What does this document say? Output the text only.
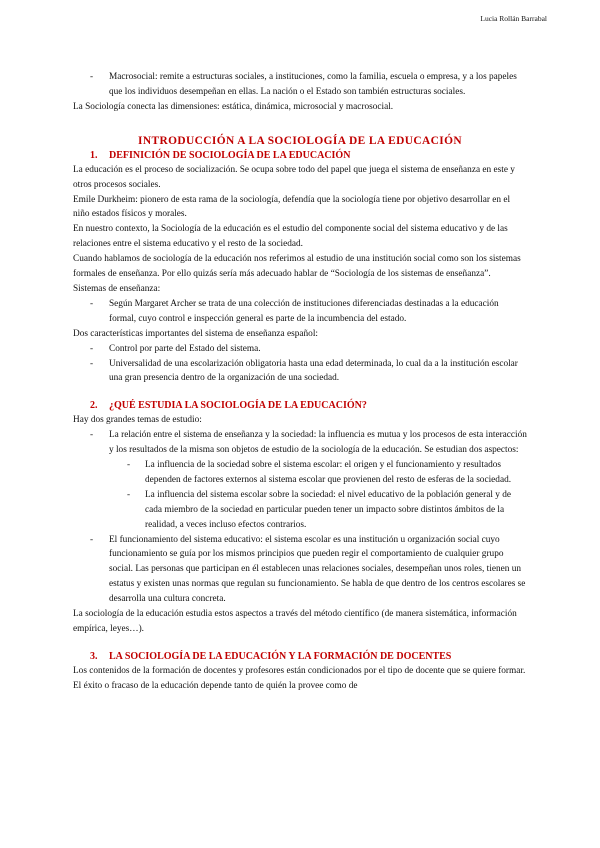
Lucia Rollán Barrabal

- Macrosocial: remite a estructuras sociales, a instituciones, como la familia, escuela o empresa, y a los papeles que los individuos desempeñan en ellas. La nación o el Estado son también estructuras sociales.

La Sociología conecta las dimensiones: estática, dinámica, microsocial y macrosocial.

INTRODUCCIÓN A LA SOCIOLOGÍA DE LA EDUCACIÓN
1. DEFINICIÓN DE SOCIOLOGÍA DE LA EDUCACIÓN

La educación es el proceso de socialización. Se ocupa sobre todo del papel que juega el sistema de enseñanza en este y otros procesos sociales.

Emile Durkheim: pionero de esta rama de la sociología, defendía que la sociología tiene por objetivo desarrollar en el niño estados físicos y morales.

En nuestro contexto, la Sociología de la educación es el estudio del componente social del sistema educativo y de las relaciones entre el sistema educativo y el resto de la sociedad.

Cuando hablamos de sociología de la educación nos referimos al estudio de una institución social como son los sistemas formales de enseñanza. Por ello quizás sería más adecuado hablar de “Sociología de los sistemas de enseñanza”.

Sistemas de enseñanza:

- Según Margaret Archer se trata de una colección de instituciones diferenciadas destinadas a la educación formal, cuyo control e inspección general es parte de la incumbencia del estado.

Dos características importantes del sistema de enseñanza español:

- Control por parte del Estado del sistema.

- Universalidad de una escolarización obligatoria hasta una edad determinada, lo cual da a la institución escolar una gran presencia dentro de la organización de una sociedad.

2. ¿QUÉ ESTUDIA LA SOCIOLOGÍA DE LA EDUCACIÓN?

Hay dos grandes temas de estudio:

- La relación entre el sistema de enseñanza y la sociedad: la influencia es mutua y los procesos de esta interacción y los resultados de la misma son objetos de estudio de la sociología de la educación. Se estudian dos aspectos:

- La influencia de la sociedad sobre el sistema escolar: el origen y el funcionamiento y resultados dependen de factores externos al sistema escolar que provienen del resto de esferas de la sociedad.

- La influencia del sistema escolar sobre la sociedad: el nivel educativo de la población general y de cada miembro de la sociedad en particular pueden tener un impacto sobre distintos ámbitos de la realidad, a veces incluso efectos contrarios.

- El funcionamiento del sistema educativo: el sistema escolar es una institución u organización social cuyo funcionamiento se guía por los mismos principios que pueden regir el comportamiento de cualquier grupo social. Las personas que participan en él establecen unas relaciones sociales, desempeñan unos roles, tienen un estatus y existen unas normas que regulan su funcionamiento. Se habla de que dentro de los centros escolares se desarrolla una cultura concreta.

La sociología de la educación estudia estos aspectos a través del método científico (de manera sistemática, información empírica, leyes…).

3. LA SOCIOLOGÍA DE LA EDUCACIÓN Y LA FORMACIÓN DE DOCENTES

Los contenidos de la formación de docentes y profesores están condicionados por el tipo de docente que se quiere formar. El éxito o fracaso de la educación depende tanto de quién la provee como de
